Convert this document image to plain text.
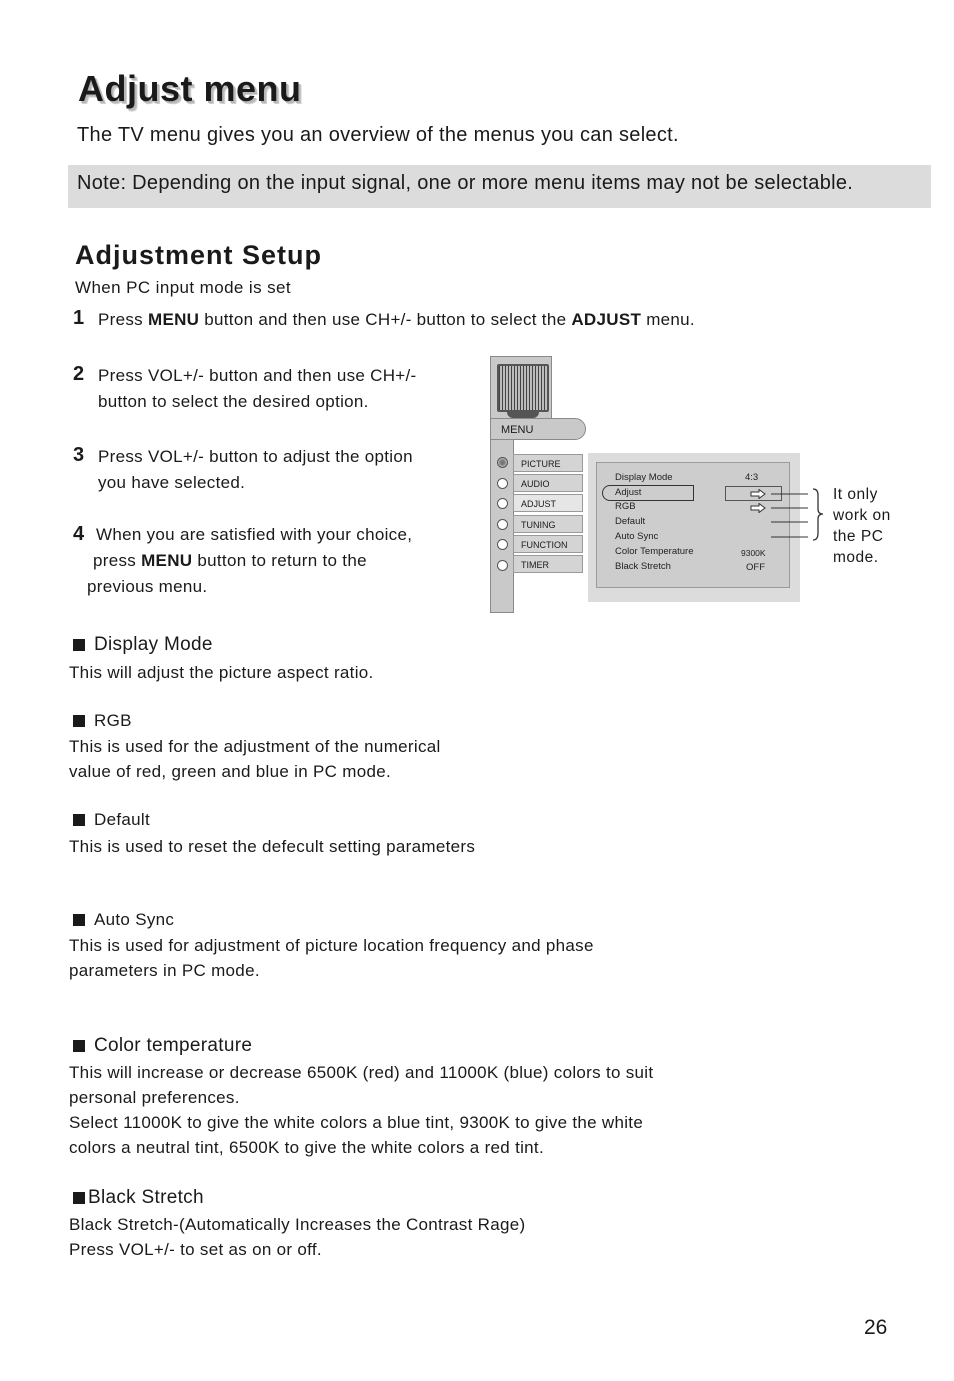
Adjust menu
The TV menu gives you an overview of the menus you can select.
Note: Depending on the input signal, one or more menu items may not be selectable.
Adjustment Setup
When PC input mode is set
1 Press MENU button and then use CH+/- button to select the ADJUST menu.
2 Press VOL+/- button and then use CH+/-
button to select the desired option.
3 Press VOL+/- button to adjust the option
you have selected.
4 When you are satisfied with your choice,
press MENU button to return to the
previous menu.
MENU
PICTURE
AUDIO
ADJUST
TUNING
FUNCTION
TIMER
Display Mode	4:3
Adjust
RGB
Default
Auto Sync
Color Temperature	9300K
Black Stretch	OFF
It only
work on
the PC
mode.
Display Mode
This will adjust the picture aspect ratio.
RGB
This is used for the adjustment of the numerical
value of red, green and blue in PC mode.
Default
This is used to reset the defecult setting parameters
Auto Sync
This is used for adjustment of picture location frequency and phase
parameters in PC mode.
Color temperature
This will increase or decrease 6500K (red) and 11000K (blue) colors to suit
personal preferences.
Select 11000K to give the white colors a blue tint, 9300K to give the white
colors a neutral tint, 6500K to give the white colors a red tint.
Black Stretch
Black Stretch-(Automatically Increases the Contrast Rage)
Press VOL+/- to set as on or off.
26
